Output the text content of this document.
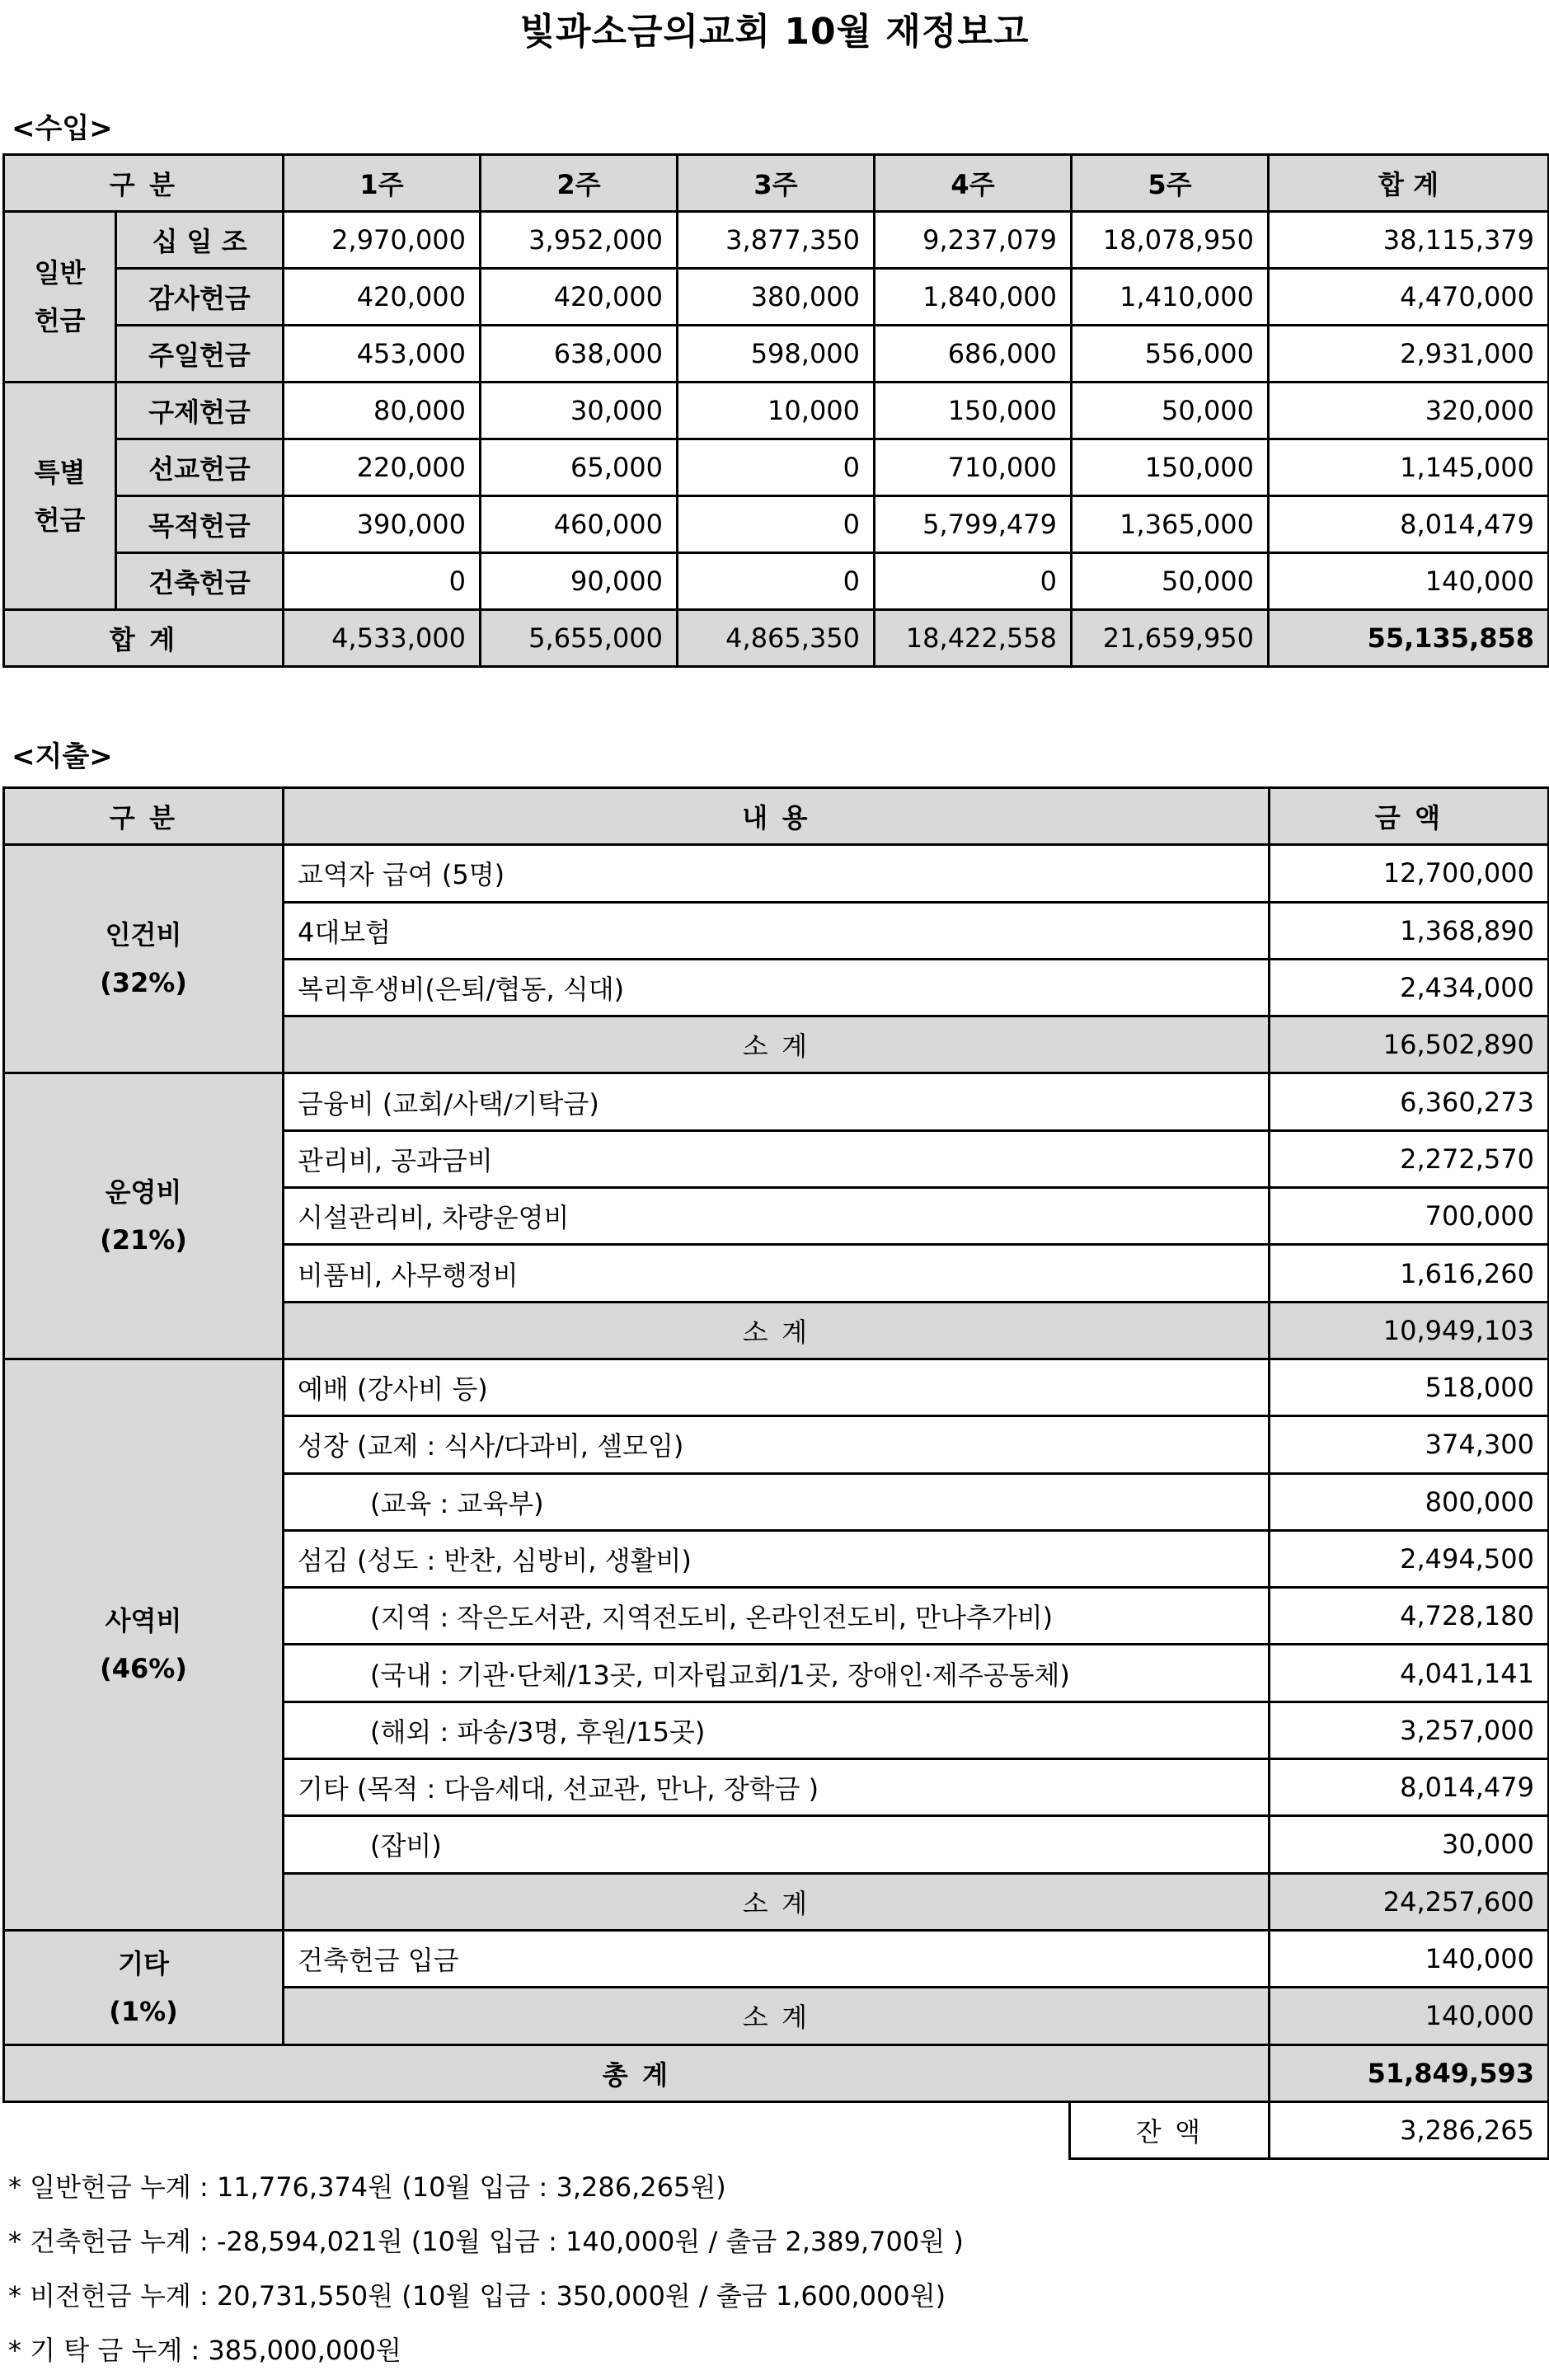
빛과소금의교회 10월 재정보고
<수입>
구 분		1주	2주	3주	4주	5주	합 계
일반 헌금	십 일 조	2,970,000	3,952,000	3,877,350	9,237,079	18,078,950	38,115,379
	감사헌금	420,000	420,000	380,000	1,840,000	1,410,000	4,470,000
	주일헌금	453,000	638,000	598,000	686,000	556,000	2,931,000
특별 헌금	구제헌금	80,000	30,000	10,000	150,000	50,000	320,000
	선교헌금	220,000	65,000	0	710,000	150,000	1,145,000
	목적헌금	390,000	460,000	0	5,799,479	1,365,000	8,014,479
	건축헌금	0	90,000	0	0	50,000	140,000
합 계		4,533,000	5,655,000	4,865,350	18,422,558	21,659,950	55,135,858
<지출>
구 분	내 용	금 액
인건비
(32%)	교역자 급여 (5명)	12,700,000
	4대보험	1,368,890
	복리후생비(은퇴/협동, 식대)	2,434,000
	소 계	16,502,890
운영비
(21%)	금융비 (교회/사택/기탁금)	6,360,273
	관리비, 공과금비	2,272,570
	시설관리비, 차량운영비	700,000
	비품비, 사무행정비	1,616,260
	소 계	10,949,103
사역비
(46%)	예배 (강사비 등)	518,000
	성장 (교제 : 식사/다과비, 셀모임)	374,300
	(교육 : 교육부)	800,000
	섬김 (성도 : 반찬, 심방비, 생활비)	2,494,500
	(지역 : 작은도서관, 지역전도비, 온라인전도비, 만나추가비)	4,728,180
	(국내 : 기관·단체/13곳, 미자립교회/1곳, 장애인·제주공동체)	4,041,141
	(해외 : 파송/3명, 후원/15곳)	3,257,000
	기타 (목적 : 다음세대, 선교관, 만나, 장학금 )	8,014,479
	(잡비)	30,000
	소 계	24,257,600
기타
(1%)	건축헌금 입금	140,000
	소 계	140,000
총 계		51,849,593
잔 액	3,286,265
* 일반헌금 누계 : 11,776,374원 (10월 입금 : 3,286,265원)
* 건축헌금 누계 : -28,594,021원 (10월 입금 : 140,000원 / 출금 2,389,700원 )
* 비전헌금 누계 : 20,731,550원 (10월 입금 : 350,000원 / 출금 1,600,000원)
* 기 탁 금 누계 : 385,000,000원
